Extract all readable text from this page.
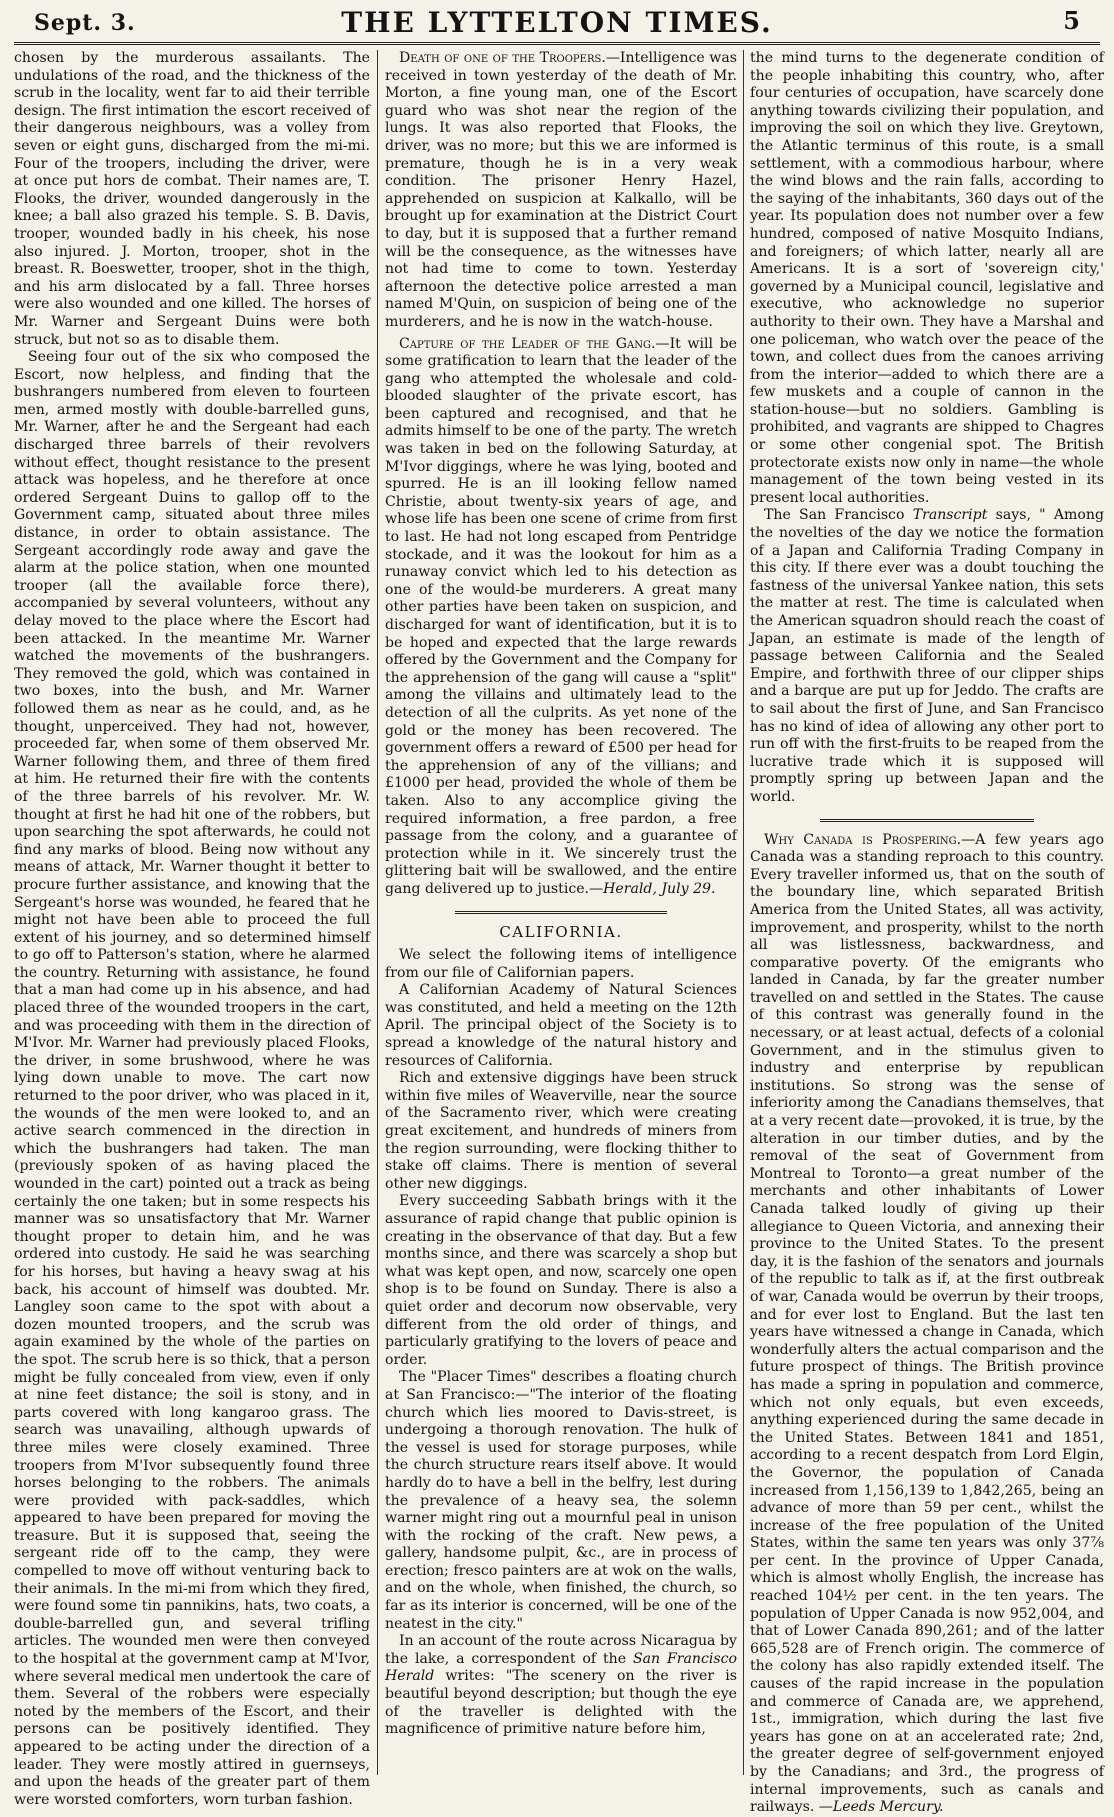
Sept. 3.	THE LYTTELTON TIMES.	5

chosen by the murderous assailants. The undulations of the road, and the thickness of the scrub in the locality, went far to aid their terrible design. The first intimation the escort received of their dangerous neighbours, was a volley from seven or eight guns, discharged from the mi-mi. Four of the troopers, including the driver, were at once put hors de combat. Their names are, T. Flooks, the driver, wounded dangerously in the knee; a ball also grazed his temple. S. B. Davis, trooper, wounded badly in his cheek, his nose also injured. J. Morton, trooper, shot in the breast. R. Boeswetter, trooper, shot in the thigh, and his arm dislocated by a fall. Three horses were also wounded and one killed. The horses of Mr. Warner and Sergeant Duins were both struck, but not so as to disable them.

Seeing four out of the six who composed the Escort, now helpless, and finding that the bushrangers numbered from eleven to fourteen men, armed mostly with double-barrelled guns, Mr. Warner, after he and the Sergeant had each discharged three barrels of their revolvers without effect, thought resistance to the present attack was hopeless, and he therefore at once ordered Sergeant Duins to gallop off to the Government camp, situated about three miles distance, in order to obtain assistance. The Sergeant accordingly rode away and gave the alarm at the police station, when one mounted trooper (all the available force there), accompanied by several volunteers, without any delay moved to the place where the Escort had been attacked. In the meantime Mr. Warner watched the movements of the bushrangers. They removed the gold, which was contained in two boxes, into the bush, and Mr. Warner followed them as near as he could, and, as he thought, unperceived. They had not, however, proceeded far, when some of them observed Mr. Warner following them, and three of them fired at him. He returned their fire with the contents of the three barrels of his revolver. Mr. W. thought at first he had hit one of the robbers, but upon searching the spot afterwards, he could not find any marks of blood. Being now without any means of attack, Mr. Warner thought it better to procure further assistance, and knowing that the Sergeant's horse was wounded, he feared that he might not have been able to proceed the full extent of his journey, and so determined himself to go off to Patterson's station, where he alarmed the country. Returning with assistance, he found that a man had come up in his absence, and had placed three of the wounded troopers in the cart, and was proceeding with them in the direction of M'Ivor. Mr. Warner had previously placed Flooks, the driver, in some brushwood, where he was lying down unable to move. The cart now returned to the poor driver, who was placed in it, the wounds of the men were looked to, and an active search commenced in the direction in which the bushrangers had taken. The man (previously spoken of as having placed the wounded in the cart) pointed out a track as being certainly the one taken; but in some respects his manner was so unsatisfactory that Mr. Warner thought proper to detain him, and he was ordered into custody. He said he was searching for his horses, but having a heavy swag at his back, his account of himself was doubted. Mr. Langley soon came to the spot with about a dozen mounted troopers, and the scrub was again examined by the whole of the parties on the spot. The scrub here is so thick, that a person might be fully concealed from view, even if only at nine feet distance; the soil is stony, and in parts covered with long kangaroo grass. The search was unavailing, although upwards of three miles were closely examined. Three troopers from M'Ivor subsequently found three horses belonging to the robbers. The animals were provided with pack-saddles, which appeared to have been prepared for moving the treasure. But it is supposed that, seeing the sergeant ride off to the camp, they were compelled to move off without venturing back to their animals. In the mi-mi from which they fired, were found some tin pannikins, hats, two coats, a double-barrelled gun, and several trifling articles. The wounded men were then conveyed to the hospital at the government camp at M'Ivor, where several medical men undertook the care of them. Several of the robbers were especially noted by the members of the Escort, and their persons can be positively identified. They appeared to be acting under the direction of a leader. They were mostly attired in guernseys, and upon the heads of the greater part of them were worsted comforters, worn turban fashion.

Death of one of the Troopers.—Intelligence was received in town yesterday of the death of Mr. Morton, a fine young man, one of the Escort guard who was shot near the region of the lungs. It was also reported that Flooks, the driver, was no more; but this we are informed is premature, though he is in a very weak condition. The prisoner Henry Hazel, apprehended on suspicion at Kalkallo, will be brought up for examination at the District Court to day, but it is supposed that a further remand will be the consequence, as the witnesses have not had time to come to town. Yesterday afternoon the detective police arrested a man named M'Quin, on suspicion of being one of the murderers, and he is now in the watch-house.

Capture of the Leader of the Gang.—It will be some gratification to learn that the leader of the gang who attempted the wholesale and cold-blooded slaughter of the private escort, has been captured and recognised, and that he admits himself to be one of the party. The wretch was taken in bed on the following Saturday, at M'Ivor diggings, where he was lying, booted and spurred. He is an ill looking fellow named Christie, about twenty-six years of age, and whose life has been one scene of crime from first to last. He had not long escaped from Pentridge stockade, and it was the lookout for him as a runaway convict which led to his detection as one of the would-be murderers. A great many other parties have been taken on suspicion, and discharged for want of identification, but it is to be hoped and expected that the large rewards offered by the Government and the Company for the apprehension of the gang will cause a "split" among the villains and ultimately lead to the detection of all the culprits. As yet none of the gold or the money has been recovered. The government offers a reward of £500 per head for the apprehension of any of the villians; and £1000 per head, provided the whole of them be taken. Also to any accomplice giving the required information, a free pardon, a free passage from the colony, and a guarantee of protection while in it. We sincerely trust the glittering bait will be swallowed, and the entire gang delivered up to justice.—Herald, July 29.

CALIFORNIA.

We select the following items of intelligence from our file of Californian papers.

A Californian Academy of Natural Sciences was constituted, and held a meeting on the 12th April. The principal object of the Society is to spread a knowledge of the natural history and resources of California.

Rich and extensive diggings have been struck within five miles of Weaverville, near the source of the Sacramento river, which were creating great excitement, and hundreds of miners from the region surrounding, were flocking thither to stake off claims. There is mention of several other new diggings.

Every succeeding Sabbath brings with it the assurance of rapid change that public opinion is creating in the observance of that day. But a few months since, and there was scarcely a shop but what was kept open, and now, scarcely one open shop is to be found on Sunday. There is also a quiet order and decorum now observable, very different from the old order of things, and particularly gratifying to the lovers of peace and order.

The "Placer Times" describes a floating church at San Francisco:—"The interior of the floating church which lies moored to Davis-street, is undergoing a thorough renovation. The hulk of the vessel is used for storage purposes, while the church structure rears itself above. It would hardly do to have a bell in the belfry, lest during the prevalence of a heavy sea, the solemn warner might ring out a mournful peal in unison with the rocking of the craft. New pews, a gallery, handsome pulpit, &c., are in process of erection; fresco painters are at wok on the walls, and on the whole, when finished, the church, so far as its interior is concerned, will be one of the neatest in the city."

In an account of the route across Nicaragua by the lake, a correspondent of the San Francisco Herald writes: "The scenery on the river is beautiful beyond description; but though the eye of the traveller is delighted with the magnificence of primitive nature before him,

the mind turns to the degenerate condition of the people inhabiting this country, who, after four centuries of occupation, have scarcely done anything towards civilizing their population, and improving the soil on which they live. Greytown, the Atlantic terminus of this route, is a small settlement, with a commodious harbour, where the wind blows and the rain falls, according to the saying of the inhabitants, 360 days out of the year. Its population does not number over a few hundred, composed of native Mosquito Indians, and foreigners; of which latter, nearly all are Americans. It is a sort of 'sovereign city,' governed by a Municipal council, legislative and executive, who acknowledge no superior authority to their own. They have a Marshal and one policeman, who watch over the peace of the town, and collect dues from the canoes arriving from the interior—added to which there are a few muskets and a couple of cannon in the station-house—but no soldiers. Gambling is prohibited, and vagrants are shipped to Chagres or some other congenial spot. The British protectorate exists now only in name—the whole management of the town being vested in its present local authorities.

The San Francisco Transcript says, " Among the novelties of the day we notice the formation of a Japan and California Trading Company in this city. If there ever was a doubt touching the fastness of the universal Yankee nation, this sets the matter at rest. The time is calculated when the American squadron should reach the coast of Japan, an estimate is made of the length of passage between California and the Sealed Empire, and forthwith three of our clipper ships and a barque are put up for Jeddo. The crafts are to sail about the first of June, and San Francisco has no kind of idea of allowing any other port to run off with the first-fruits to be reaped from the lucrative trade which it is supposed will promptly spring up between Japan and the world.

Why Canada is Prospering.—A few years ago Canada was a standing reproach to this country. Every traveller informed us, that on the south of the boundary line, which separated British America from the United States, all was activity, improvement, and prosperity, whilst to the north all was listlessness, backwardness, and comparative poverty. Of the emigrants who landed in Canada, by far the greater number travelled on and settled in the States. The cause of this contrast was generally found in the necessary, or at least actual, defects of a colonial Government, and in the stimulus given to industry and enterprise by republican institutions. So strong was the sense of inferiority among the Canadians themselves, that at a very recent date—provoked, it is true, by the alteration in our timber duties, and by the removal of the seat of Government from Montreal to Toronto—a great number of the merchants and other inhabitants of Lower Canada talked loudly of giving up their allegiance to Queen Victoria, and annexing their province to the United States. To the present day, it is the fashion of the senators and journals of the republic to talk as if, at the first outbreak of war, Canada would be overrun by their troops, and for ever lost to England. But the last ten years have witnessed a change in Canada, which wonderfully alters the actual comparison and the future prospect of things. The British province has made a spring in population and commerce, which not only equals, but even exceeds, anything experienced during the same decade in the United States. Between 1841 and 1851, according to a recent despatch from Lord Elgin, the Governor, the population of Canada increased from 1,156,139 to 1,842,265, being an advance of more than 59 per cent., whilst the increase of the free population of the United States, within the same ten years was only 37⅞ per cent. In the province of Upper Canada, which is almost wholly English, the increase has reached 104½ per cent. in the ten years. The population of Upper Canada is now 952,004, and that of Lower Canada 890,261; and of the latter 665,528 are of French origin. The commerce of the colony has also rapidly extended itself. The causes of the rapid increase in the population and commerce of Canada are, we apprehend, 1st., immigration, which during the last five years has gone on at an accelerated rate; 2nd, the greater degree of self-government enjoyed by the Canadians; and 3rd., the progress of internal improvements, such as canals and railways. —Leeds Mercury.
